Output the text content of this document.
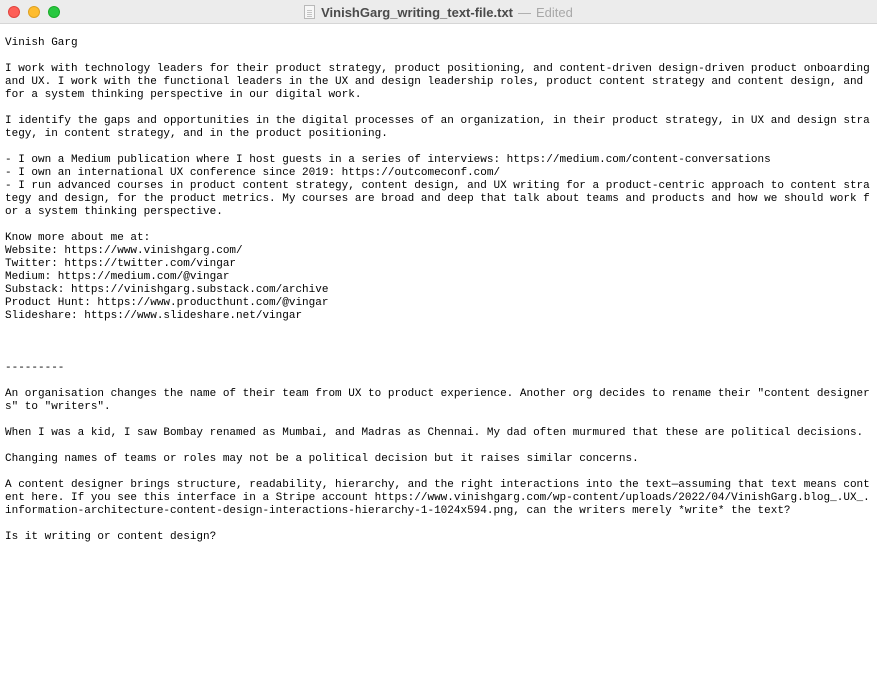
VinishGarg_writing_text-file.txt — Edited
Vinish Garg
I work with technology leaders for their product strategy, product positioning, and content-driven design-driven product onboarding and UX. I work with the functional leaders in the UX and design leadership roles, product content strategy and content design, and for a system thinking perspective in our digital work.
I identify the gaps and opportunities in the digital processes of an organization, in their product strategy, in UX and design strategy, in content strategy, and in the product positioning.
- I own a Medium publication where I host guests in a series of interviews: https://medium.com/content-conversations
- I own an international UX conference since 2019: https://outcomeconf.com/
- I run advanced courses in product content strategy, content design, and UX writing for a product-centric approach to content strategy and design, for the product metrics. My courses are broad and deep that talk about teams and products and how we should work for a system thinking perspective.
Know more about me at:
Website: https://www.vinishgarg.com/
Twitter: https://twitter.com/vingar
Medium: https://medium.com/@vingar
Substack: https://vinishgarg.substack.com/archive
Product Hunt: https://www.producthunt.com/@vingar
Slideshare: https://www.slideshare.net/vingar
---------
An organisation changes the name of their team from UX to product experience. Another org decides to rename their "content designers" to "writers".
When I was a kid, I saw Bombay renamed as Mumbai, and Madras as Chennai. My dad often murmured that these are political decisions.
Changing names of teams or roles may not be a political decision but it raises similar concerns.
A content designer brings structure, readability, hierarchy, and the right interactions into the text—assuming that text means content here. If you see this interface in a Stripe account https://www.vinishgarg.com/wp-content/uploads/2022/04/VinishGarg.blog_.UX_.information-architecture-content-design-interactions-hierarchy-1-1024x594.png, can the writers merely *write* the text?
Is it writing or content design?
